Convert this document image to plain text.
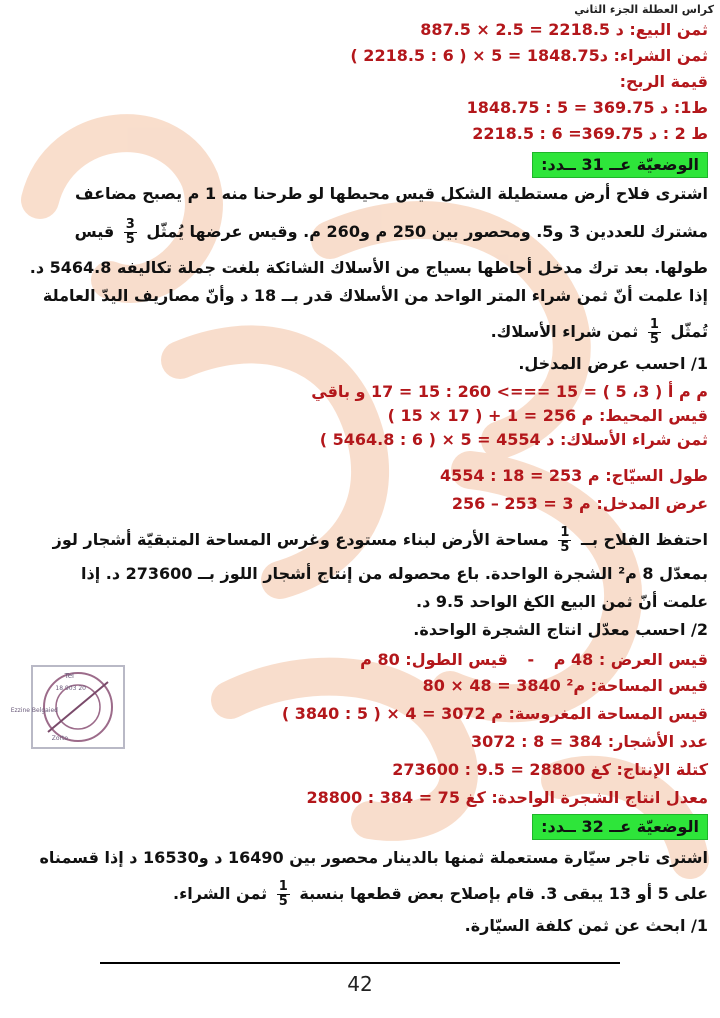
كراس العطلة الجزء الثاني
ثمن البيع: 887.5 × 2.5 = 2218.5 د
ثمن الشراء: ( 2218.5 : 6 ) × 5 = 1848.75د
قيمة الربح:
ط1: 1848.75 : 5 = 369.75 د
ط 2 : 2218.5 : 6 =369.75 د
الوضعيّة عــ 31 ــدد:
اشترى فلاح أرض مستطيلة الشكل قيس محيطها لو طرحنا منه 1 م يصبح مضاعف
مشترك للعددين 3 و5. ومحصور بين 250 م و260 م. وقيس عرضها يُمثّل
$\frac{3}{5}$
قيس
طولها. بعد ترك مدخل أحاطها بسياج من الأسلاك الشائكة بلغت جملة تكاليفه 5464.8 د.
إذا علمت أنّ ثمن شراء المتر الواحد من الأسلاك قدر بــ 18 د وأنّ مصاريف اليدّ العاملة
تُمثّل
$\frac{1}{5}$
ثمن شراء الأسلاك.
1/ احسب عرض المدخل.
م م أ ( 3، 5 ) = 15 ===> 260 : 15 = 17 و باقي
قيس المحيط: ( 15 × 17 ) + 1 = 256 م
ثمن شراء الأسلاك: ( 5464.8 : 6 ) × 5 = 4554 د
طول السيّاج: 4554 : 18 = 253 م
عرض المدخل: 256 – 253 = 3 م
احتفظ الفلاح بــ
$\frac{1}{5}$
مساحة الأرض لبناء مستودع وغرس المساحة المتبقيّة أشجار لوز
بمعدّل 8 م² الشجرة الواحدة. باع محصوله من إنتاج أشجار اللوز بــ 273600 د. إذا
علمت أنّ ثمن البيع الكغ الواحد 9.5 د.
2/ احسب معدّل انتاج الشجرة الواحدة.
قيس العرض : 48 م - قيس الطول: 80 م
قيس المساحة: 80 × 48 = 3840 م²
قيس المساحة المغروسة: ( 3840 : 5 ) × 4 = 3072 م
عدد الأشجار: 3072 : 8 = 384
كتلة الإنتاج: 273600 : 9.5 = 28800 كغ
معدل انتاج الشجرة الواحدة: 28800 : 384 = 75 كغ
الوضعيّة عــ 32 ــدد:
اشترى تاجر سيّارة مستعملة ثمنها بالدينار محصور بين 16490 د و16530 د إذا قسمناه
على 5 أو 13 يبقى 3. قام بإصلاح بعض قطعها بنسبة
$\frac{1}{5}$
ثمن الشراء.
1/ ابحث عن ثمن كلفة السيّارة.
Tel
20 903 18
Ezzine Belgaied
Zorto
42
